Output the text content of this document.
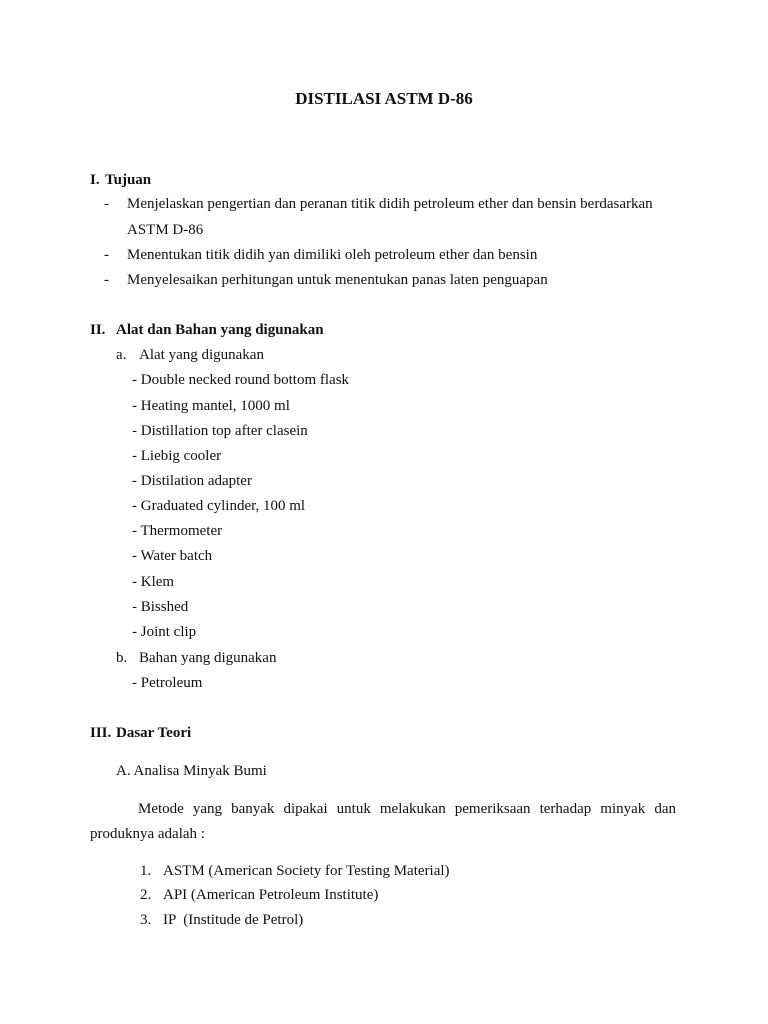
DISTILASI ASTM D-86
I. Tujuan
- Menjelaskan pengertian dan peranan titik didih petroleum ether dan bensin berdasarkan
ASTM D-86
- Menentukan titik didih yan dimiliki oleh petroleum ether dan bensin
- Menyelesaikan perhitungan untuk menentukan panas laten penguapan
II. Alat dan Bahan yang digunakan
a. Alat yang digunakan
- Double necked round bottom flask
- Heating mantel, 1000 ml
- Distillation top after clasein
- Liebig cooler
- Distilation adapter
- Graduated cylinder, 100 ml
- Thermometer
- Water batch
- Klem
- Bisshed
- Joint clip
b. Bahan yang digunakan
- Petroleum
III. Dasar Teori
A. Analisa Minyak Bumi
Metode yang banyak dipakai untuk melakukan pemeriksaan terhadap minyak dan
produknya adalah :
1. ASTM (American Society for Testing Material)
2. API (American Petroleum Institute)
3. IP  (Institude de Petrol)
